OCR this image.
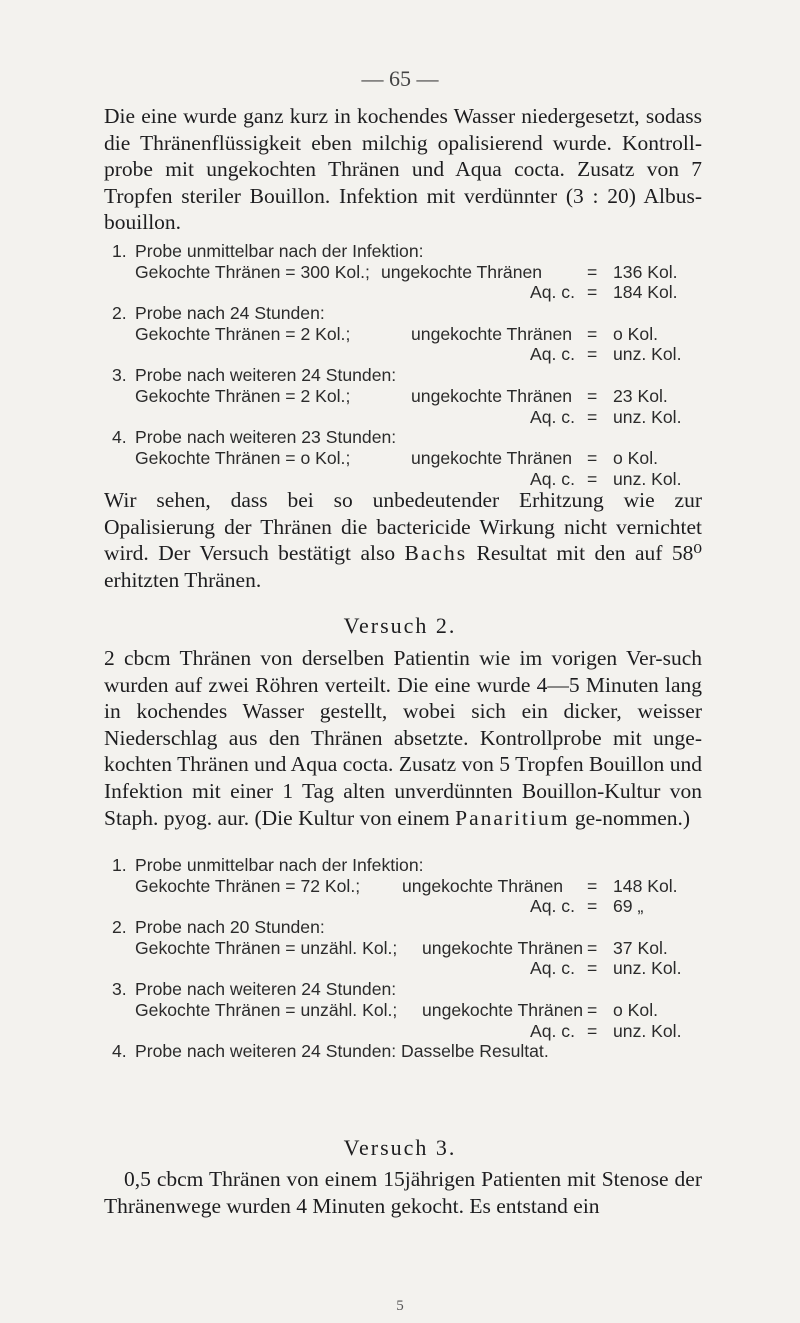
— 65 —

Die eine wurde ganz kurz in kochendes Wasser niedergesetzt, sodass die Thränenflüssigkeit eben milchig opalisierend wurde. Kontroll-probe mit ungekochten Thränen und Aqua cocta. Zusatz von 7 Tropfen steriler Bouillon. Infektion mit verdünnter (3 : 20) Albus-bouillon.

1. Probe unmittelbar nach der Infektion:
Gekochte Thränen = 300 Kol.; ungekochte Thränen	= 136 Kol.
Aq. c. = 184 Kol.
2. Probe nach 24 Stunden:
Gekochte Thränen = 2 Kol.;	ungekochte Thränen = o Kol.
Aq. c. = unz. Kol.
3. Probe nach weiteren 24 Stunden:
Gekochte Thränen = 2 Kol.;	ungekochte Thränen = 23 Kol.
Aq. c. = unz. Kol.
4. Probe nach weiteren 23 Stunden:
Gekochte Thränen = o Kol.;	ungekochte Thränen = o Kol.
Aq. c. = unz. Kol.

Wir sehen, dass bei so unbedeutender Erhitzung wie zur Opalisierung der Thränen die bactericide Wirkung nicht vernichtet wird. Der Versuch bestätigt also Bachs Resultat mit den auf 58⁰ erhitzten Thränen.

Versuch 2.

2 cbcm Thränen von derselben Patientin wie im vorigen Ver-such wurden auf zwei Röhren verteilt. Die eine wurde 4—5 Minuten lang in kochendes Wasser gestellt, wobei sich ein dicker, weisser Niederschlag aus den Thränen absetzte. Kontrollprobe mit unge-kochten Thränen und Aqua cocta. Zusatz von 5 Tropfen Bouillon und Infektion mit einer 1 Tag alten unverdünnten Bouillon-Kultur von Staph. pyog. aur. (Die Kultur von einem Panaritium ge-nommen.)

1. Probe unmittelbar nach der Infektion:
Gekochte Thränen = 72 Kol.; ungekochte Thränen = 148 Kol.
Aq. c. = 69 „
2. Probe nach 20 Stunden:
Gekochte Thränen = unzähl. Kol.; ungekochte Thränen = 37 Kol.
Aq. c. = unz. Kol.
3. Probe nach weiteren 24 Stunden:
Gekochte Thränen = unzähl. Kol.; ungekochte Thränen = o Kol.
Aq. c. = unz. Kol.
4. Probe nach weiteren 24 Stunden: Dasselbe Resultat.
Versuch 3.

0,5 cbcm Thränen von einem 15jährigen Patienten mit Stenose der Thränenwege wurden 4 Minuten gekocht. Es entstand ein

5
